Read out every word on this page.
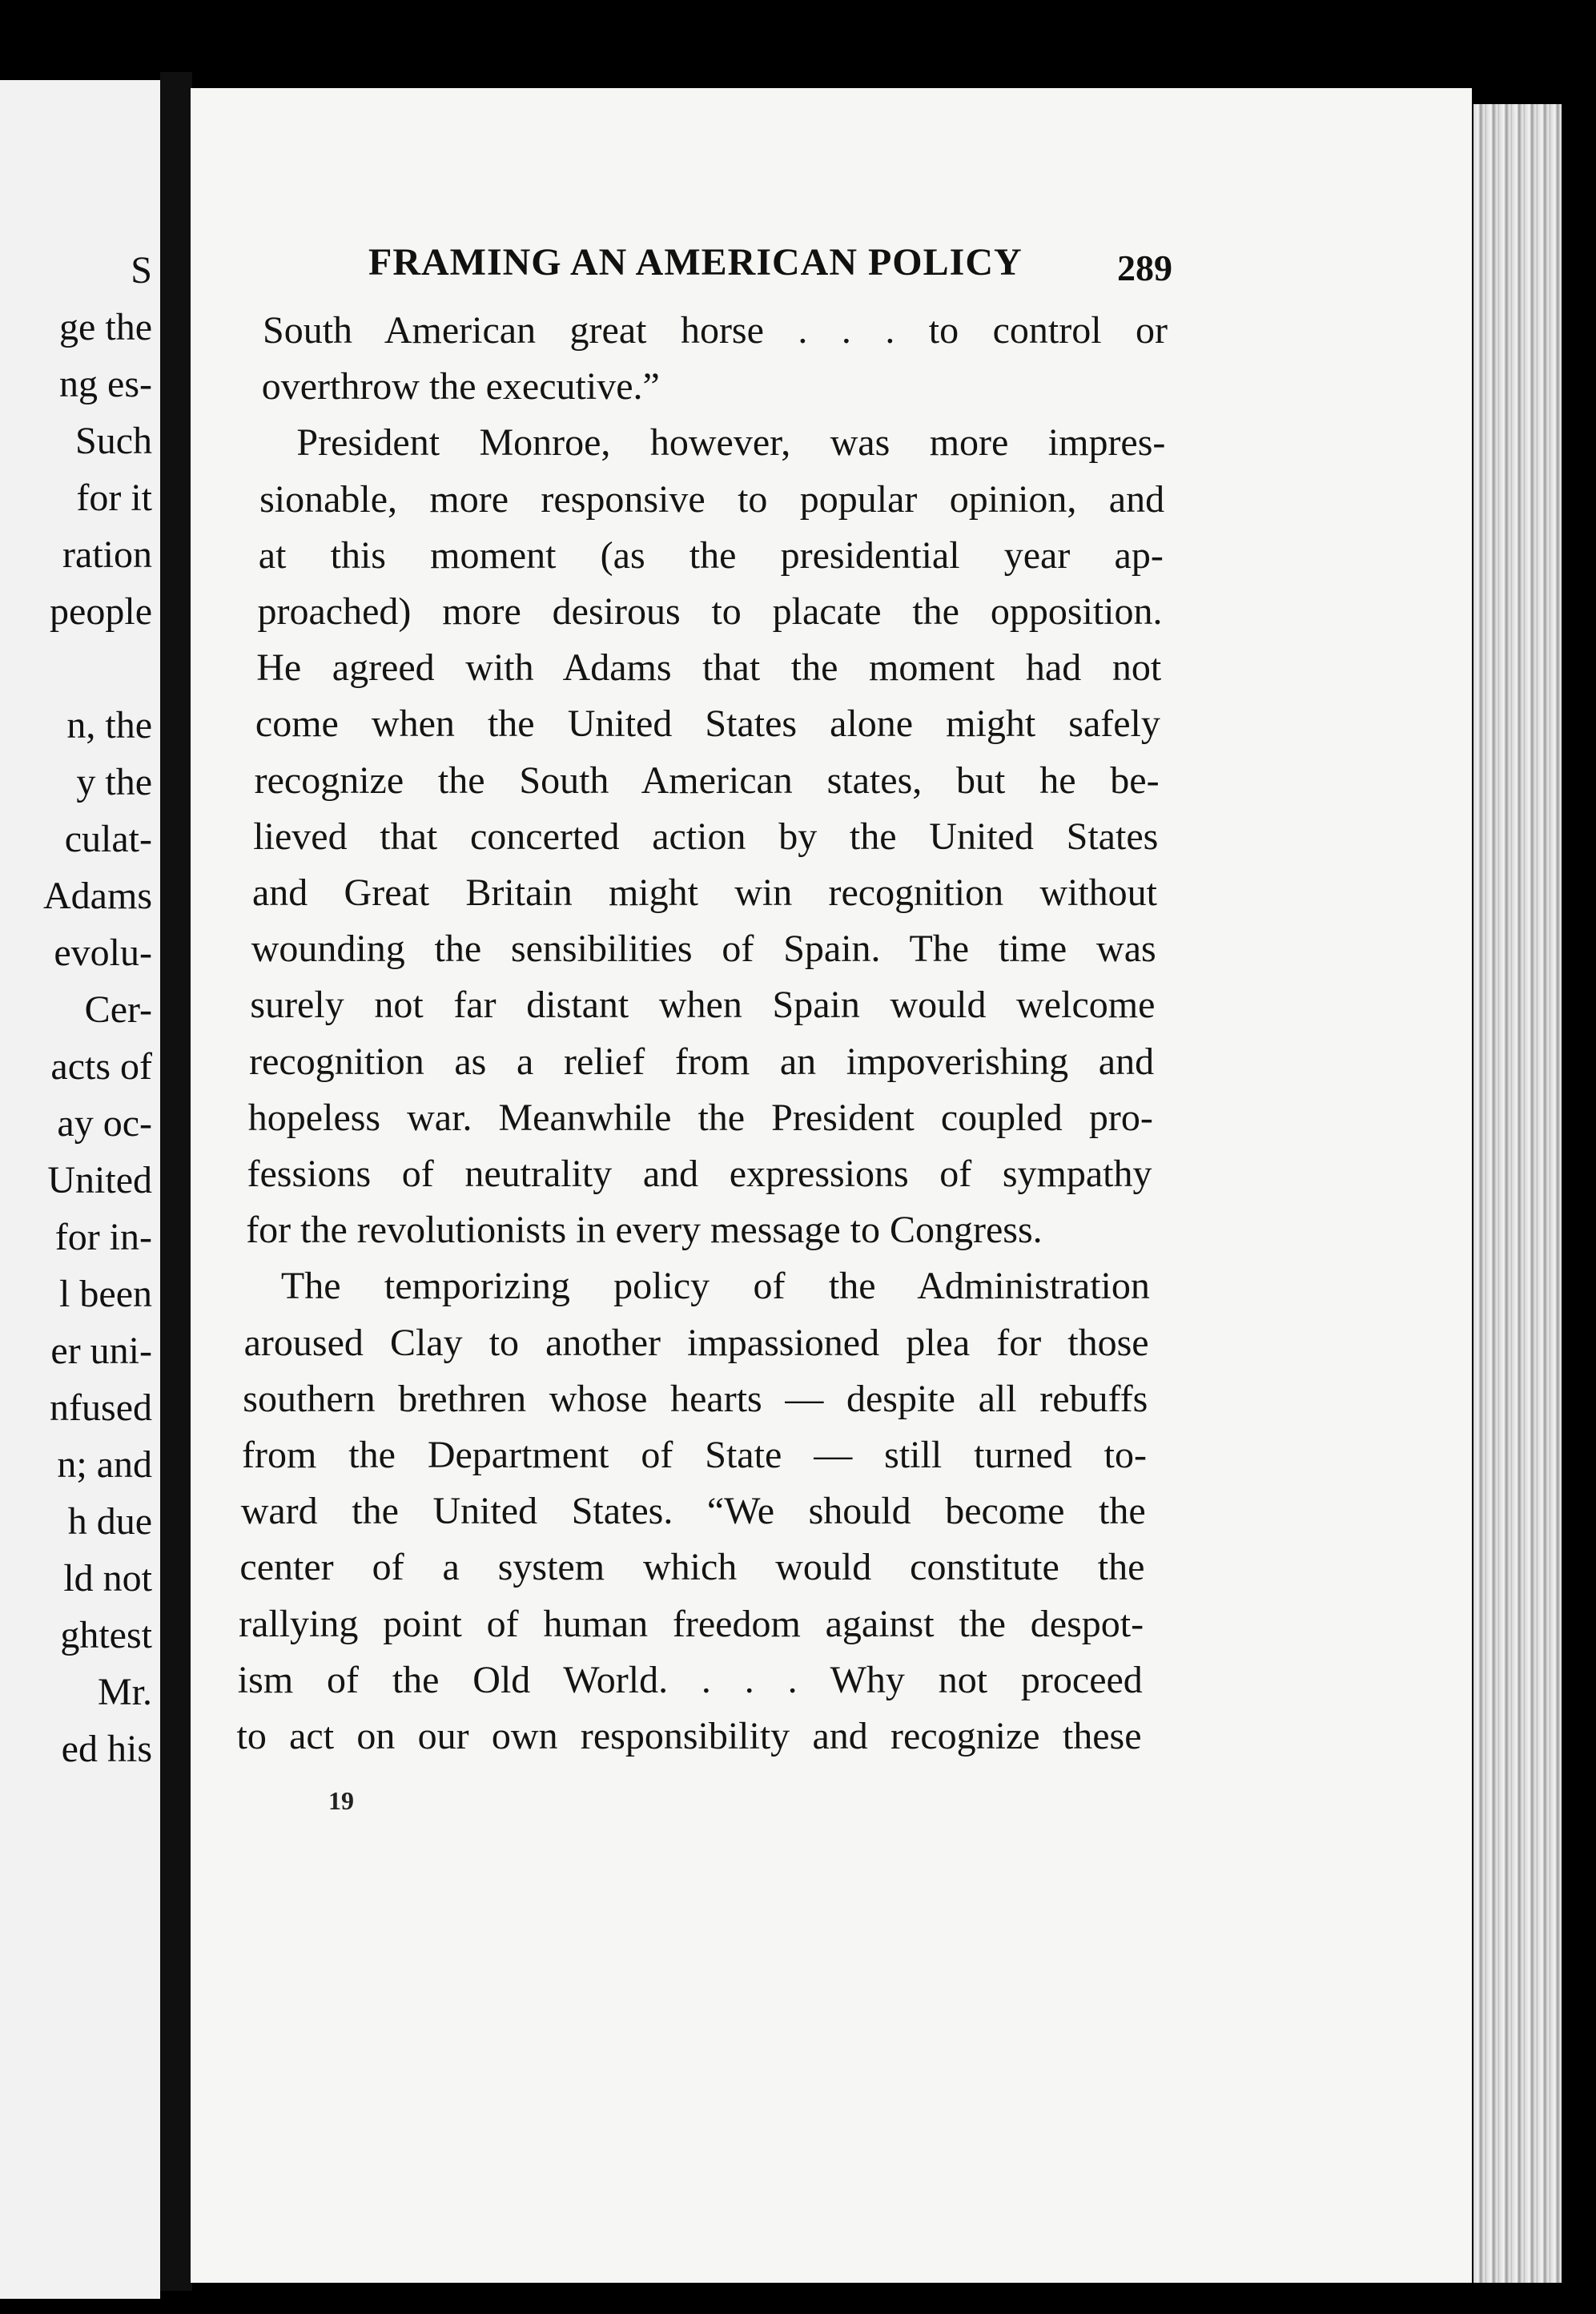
S
ge the
ng es-
Such
for it
ration
people
n, the
y the
culat-
Adams
evolu-
Cer-
acts of
ay oc-
United
for in-
l been
er uni-
nfused
n; and
h due
ld not
ghtest
Mr.
ed his
FRAMING AN AMERICAN POLICY	289
South American great horse . . . to control or
overthrow the executive.”
President Monroe, however, was more impres-
sionable, more responsive to popular opinion, and
at this moment (as the presidential year ap-
proached) more desirous to placate the opposition.
He agreed with Adams that the moment had not
come when the United States alone might safely
recognize the South American states, but he be-
lieved that concerted action by the United States
and Great Britain might win recognition without
wounding the sensibilities of Spain. The time was
surely not far distant when Spain would welcome
recognition as a relief from an impoverishing and
hopeless war. Meanwhile the President coupled pro-
fessions of neutrality and expressions of sympathy
for the revolutionists in every message to Congress.
The temporizing policy of the Administration
aroused Clay to another impassioned plea for those
southern brethren whose hearts — despite all rebuffs
from the Department of State — still turned to-
ward the United States. “We should become the
center of a system which would constitute the
rallying point of human freedom against the despot-
ism of the Old World. . . . Why not proceed
to act on our own responsibility and recognize these
19
